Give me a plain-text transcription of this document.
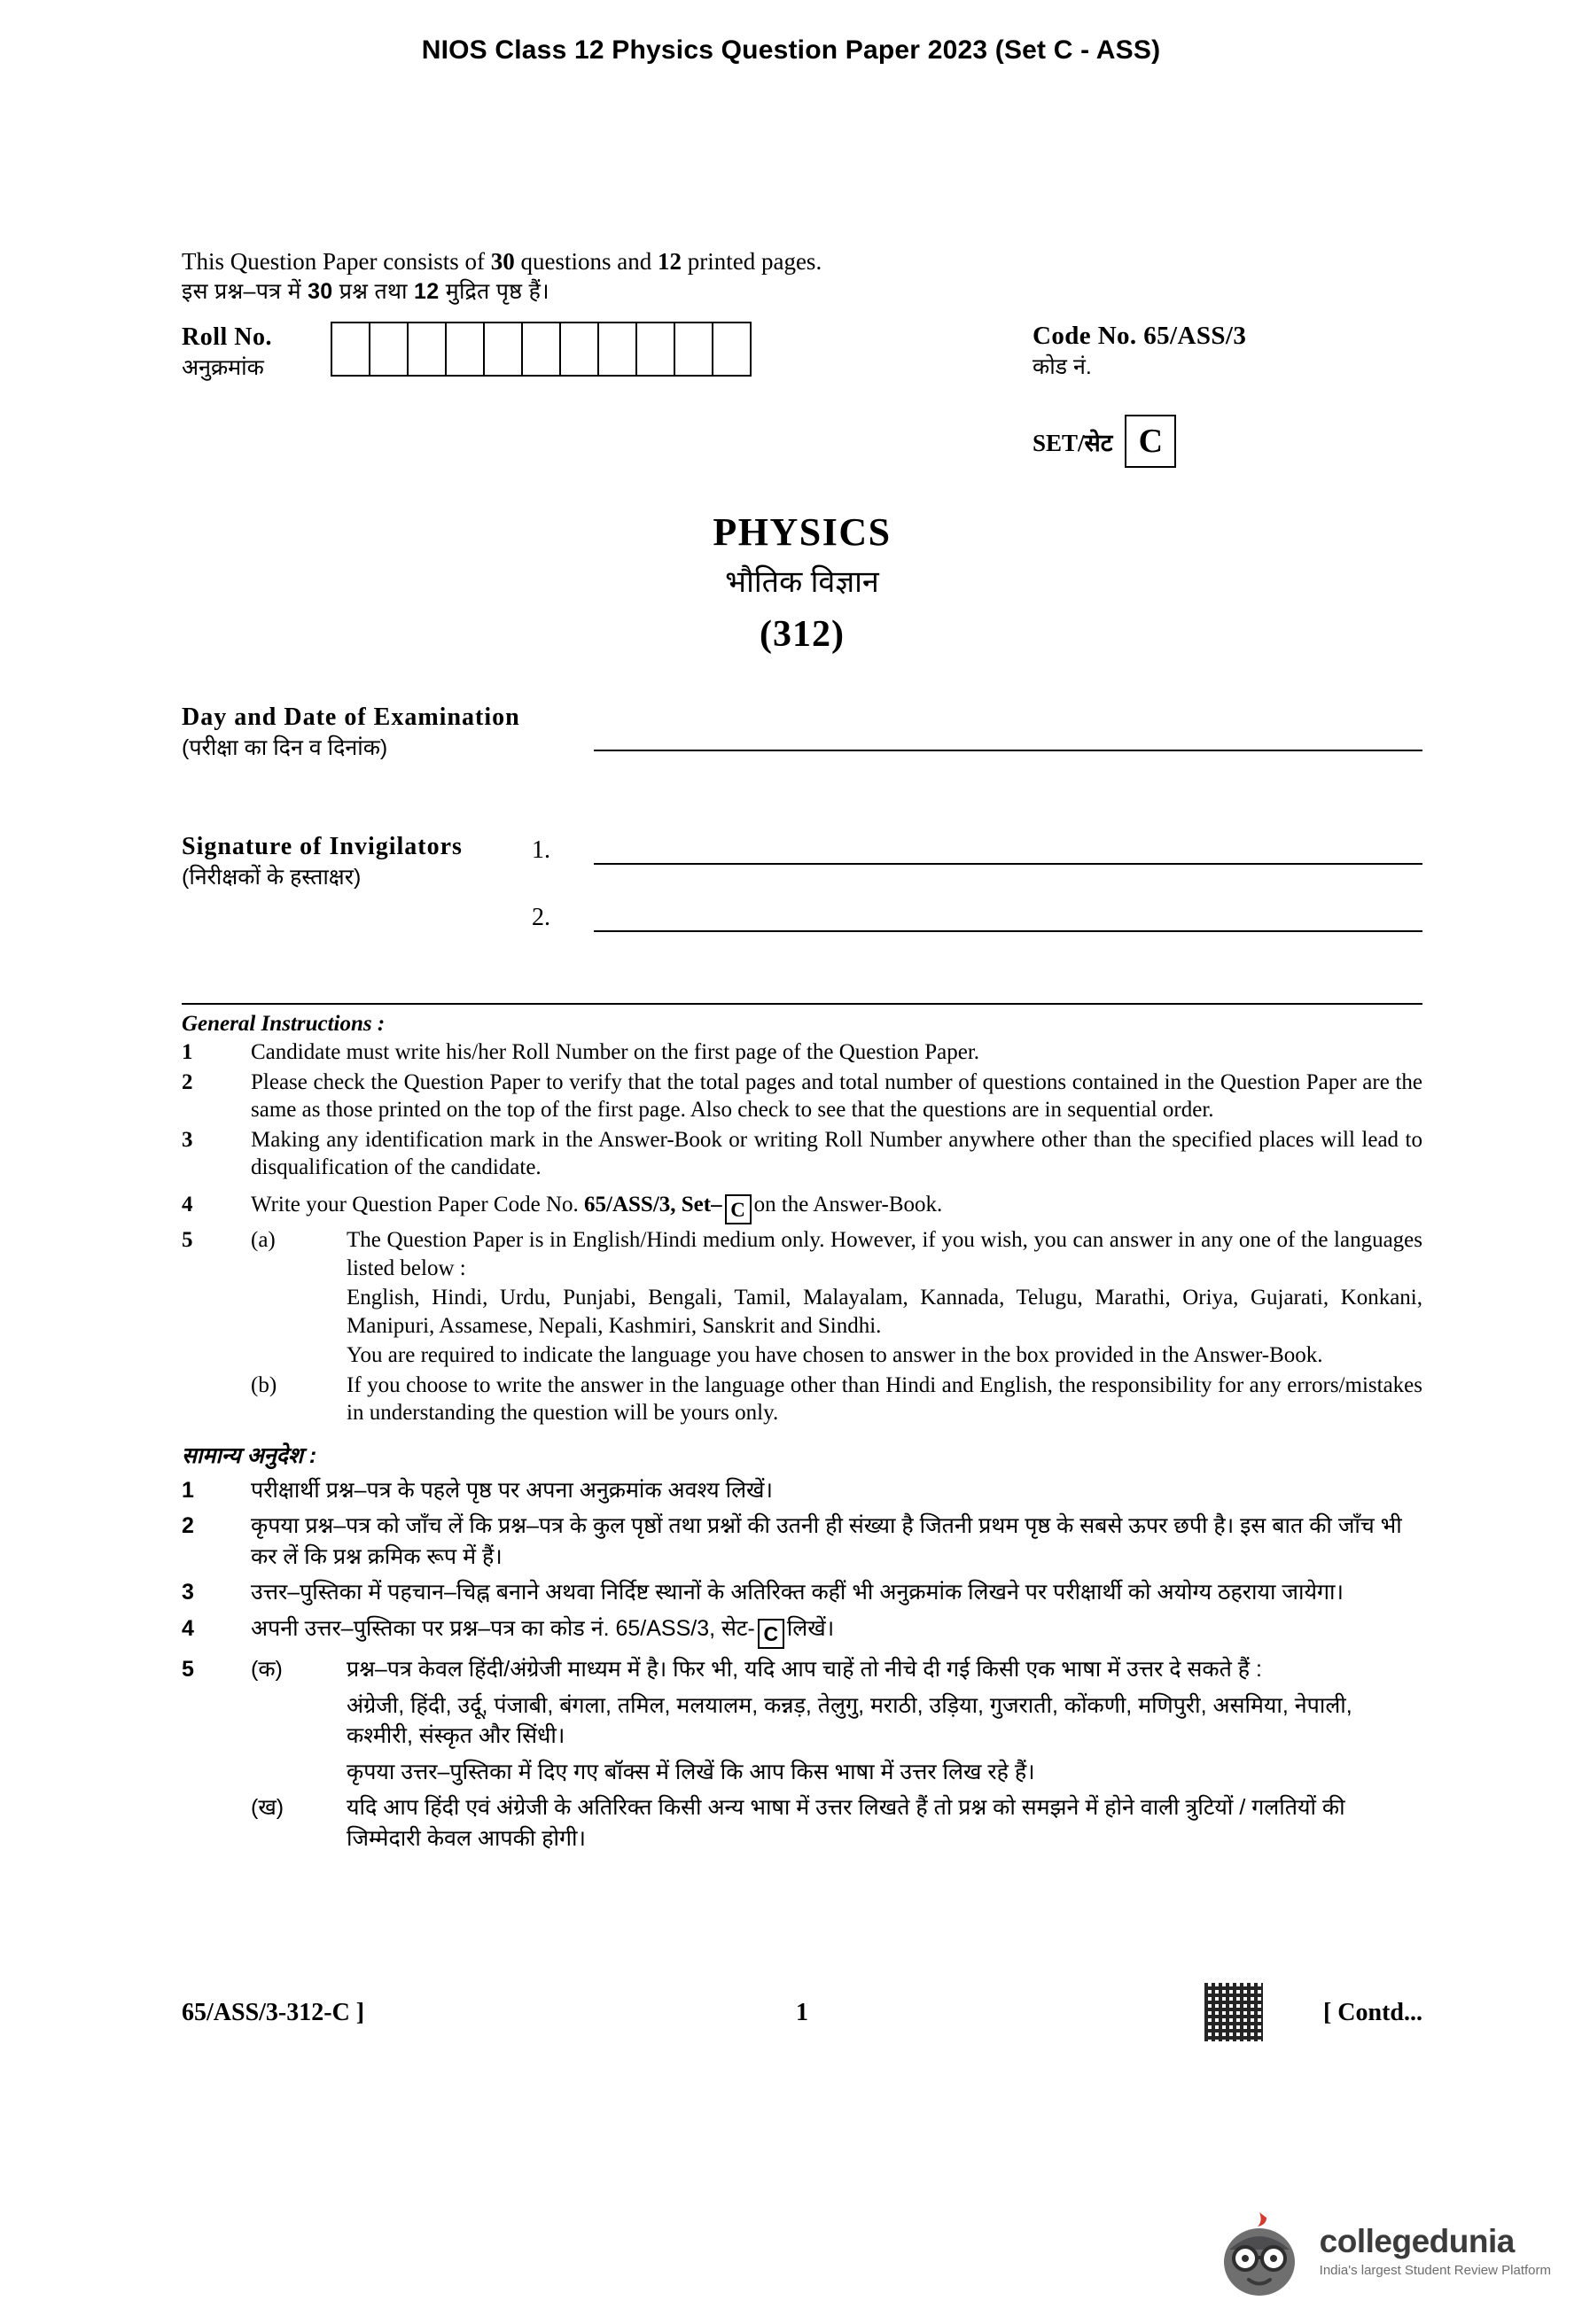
NIOS Class 12 Physics Question Paper 2023 (Set C - ASS)
This Question Paper consists of 30 questions and 12 printed pages.
इस प्रश्न–पत्र में 30 प्रश्न तथा 12 मुद्रित पृष्ठ हैं।
Roll No.
अनुक्रमांक
Code No. 65/ASS/3
कोड नं.
SET/सेट C
PHYSICS
भौतिक विज्ञान
(312)
Day and Date of Examination
(परीक्षा का दिन व दिनांक)
Signature of Invigilators
(निरीक्षकों के हस्ताक्षर)
1.
2.
General Instructions :
1	Candidate must write his/her Roll Number on the first page of the Question Paper.
2	Please check the Question Paper to verify that the total pages and total number of questions contained in the Question Paper are the same as those printed on the top of the first page. Also check to see that the questions are in sequential order.
3	Making any identification mark in the Answer-Book or writing Roll Number anywhere other than the specified places will lead to disqualification of the candidate.
4	Write your Question Paper Code No. 65/ASS/3, Set– C on the Answer-Book.
5	(a)	The Question Paper is in English/Hindi medium only. However, if you wish, you can answer in any one of the languages listed below :
English, Hindi, Urdu, Punjabi, Bengali, Tamil, Malayalam, Kannada, Telugu, Marathi, Oriya, Gujarati, Konkani, Manipuri, Assamese, Nepali, Kashmiri, Sanskrit and Sindhi.
You are required to indicate the language you have chosen to answer in the box provided in the Answer-Book.
(b)	If you choose to write the answer in the language other than Hindi and English, the responsibility for any errors/mistakes in understanding the question will be yours only.
सामान्य अनुदेश :
1	परीक्षार्थी प्रश्न–पत्र के पहले पृष्ठ पर अपना अनुक्रमांक अवश्य लिखें।
2	कृपया प्रश्न–पत्र को जाँच लें कि प्रश्न–पत्र के कुल पृष्ठों तथा प्रश्नों की उतनी ही संख्या है जितनी प्रथम पृष्ठ के सबसे ऊपर छपी है। इस बात की जाँच भी कर लें कि प्रश्न क्रमिक रूप में हैं।
3	उत्तर–पुस्तिका में पहचान–चिह्न बनाने अथवा निर्दिष्ट स्थानों के अतिरिक्त कहीं भी अनुक्रमांक लिखने पर परीक्षार्थी को अयोग्य ठहराया जायेगा।
4	अपनी उत्तर–पुस्तिका पर प्रश्न–पत्र का कोड नं. 65/ASS/3, सेट- C लिखें।
5	(क)	प्रश्न–पत्र केवल हिंदी/अंग्रेजी माध्यम में है। फिर भी, यदि आप चाहें तो नीचे दी गई किसी एक भाषा में उत्तर दे सकते हैं :
अंग्रेजी, हिंदी, उर्दू, पंजाबी, बंगला, तमिल, मलयालम, कन्नड़, तेलुगु, मराठी, उड़िया, गुजराती, कोंकणी, मणिपुरी, असमिया, नेपाली, कश्मीरी, संस्कृत और सिंधी।
कृपया उत्तर–पुस्तिका में दिए गए बॉक्स में लिखें कि आप किस भाषा में उत्तर लिख रहे हैं।
(ख)	यदि आप हिंदी एवं अंग्रेजी के अतिरिक्त किसी अन्य भाषा में उत्तर लिखते हैं तो प्रश्न को समझने में होने वाली त्रुटियों / गलतियों की जिम्मेदारी केवल आपकी होगी।
65/ASS/3-312-C ]	1	[ Contd...
collegedunia
India's largest Student Review Platform
